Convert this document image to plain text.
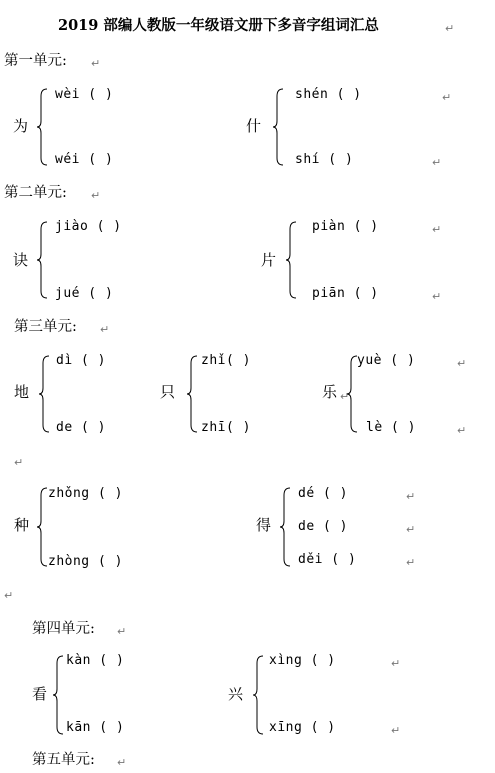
2019 部编人教版一年级语文册下多音字组词汇总	↵
第一单元: ↵
为
wèi ( )
wéi ( )
什
shén ( )	↵
shí ( )	↵
第二单元: ↵
诀
jiào ( )
jué ( )
片
piàn ( )	↵
piān ( )	↵
第三单元: ↵
地
dì ( )
de ( )
只
zhǐ( )
zhī( )
乐 ↵
yuè ( )	↵
lè ( )	↵
↵
种
zhǒng ( )
zhòng ( )
得
dé ( )	↵
de ( )	↵
děi ( )	↵
↵
第四单元: ↵
看
kàn ( )
kān ( )
兴
xìng ( )	↵
xīng ( )	↵
第五单元: ↵
